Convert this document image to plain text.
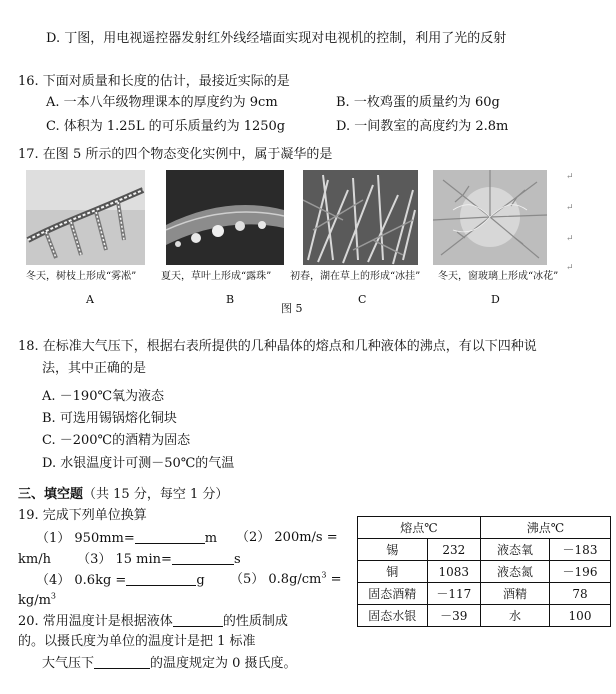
D. 丁图，用电视遥控器发射红外线经墙面实现对电视机的控制，利用了光的反射
16. 下面对质量和长度的估计，最接近实际的是
A. 一本八年级物理课本的厚度约为 9cm	B. 一枚鸡蛋的质量约为 60g
C. 体积为 1.25L 的可乐质量约为 1250g	D. 一间教室的高度约为 2.8m
17. 在图 5 所示的四个物态变化实例中，属于凝华的是
↵
↵
↵
↵
冬天，树枝上形成“雾凇” 夏天，草叶上形成“露珠” 初春，湖在草上的形成“冰挂” 冬天，窗玻璃上形成“冰花”
A	B	C	D
图 5
18. 在标准大气压下，根据右表所提供的几种晶体的熔点和几种液体的沸点，有以下四种说
法，其中正确的是
A. －190℃氧为液态
B. 可选用锡锅熔化铜块
C. －200℃的酒精为固态
D. 水银温度计可测－50℃的气温
三、填空题（共 15 分，每空 1 分）
19. 完成下列单位换算
（1） 950mm=	m （2） 200m/s =
km/h （3） 15 min=	s
（4） 0.6kg =	g （5） $0.8g/cm^3$ =
$kg/m^3$
20. 常用温度计是根据液体	的性质制成
的。以摄氏度为单位的温度计是把 1 标准
大气压下	的温度规定为 0 摄氏度。
熔点℃		沸点℃	
锡	232	液态氧	－183
铜	1083	液态氮	－196
固态酒精	－117	酒精	78
固态水银	－39	水	100
